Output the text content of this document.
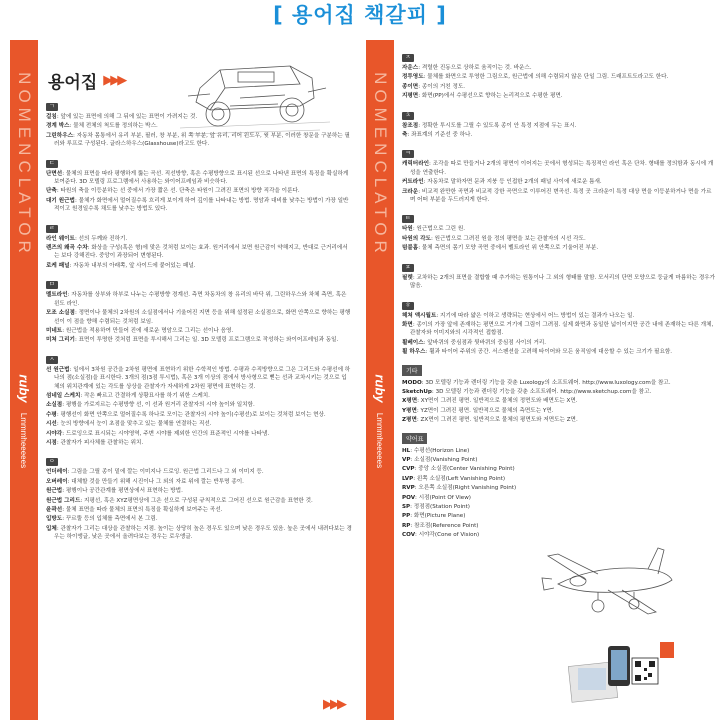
[ 용어집 책갈피 ]
NOMENCLATOR
ruby
Lmmmheeeees
용어집 ▶▶▶
ㄱ
걸침: 앞에 있는 표면에 의해 그 뒤에 있는 표면이 가려지는 것.
경계 박스: 물체 전체의 척도를 정의하는 박스.
그린하우스: 자동차 몸통에서 유리 부분, 필러, 창 부분, 위 쪽 부분, 앞 유리, 리어 윈도우, 윗 부분, 이러한 창문을 구분하는 필러와 루프로 구성된다. 글라스하우스(Glasshouse)라고도 한다.
ㄷ
단면선: 물체의 표면을 따라 평행하게 뚫는 곡선. 직선방향, 혹은 수평방향으로 표시된 선으로 나타낸 표면의 특징을 확실하게 보여준다. 3D 모델링 프로그램에서 사용하는 와이어프레임과 비슷하다.
단축: 타원의 축을 이등분하는 선 중에서 가장 짧은 선. 단축은 타원이 그려진 표면의 방향 직각을 이룬다.
대기 원근법: 물체가 화면에서 멀어질수록 흐리게 보이게 하여 깊이를 나타내는 방법. 명암과 대비를 낮추는 방법이 가장 일반적이고 원경일수록 채도를 낮추는 방법도 있다.
ㄹ
라인 웨이트: 선의 두께와 진하기.
렌즈의 왜곡 수차: 화상을 구성(혹은 형)에 맞은 것처럼 보이는 효과. 원거리에서 보면 원근감이 약해지고, 반대로 근거리에서는 보다 강해진다. 중앙이 과장되어 변형된다.
로케 패널: 자동차 내부의 아래쪽, 앞 사이드에 붙어있는 패널.
ㅁ
멜트라인: 자동차를 상부와 하부로 나누는 수평방향 경계선. 측면 차동차의 창 유리의 바닥 위, 그린하우스와 차체 측면, 혹은 윈도 라인.
모조 소실점: 정면이나 물체의 2차원의 소실점에서나 기울어진 지면 등을 위해 설정된 소실점으로, 화면 안쪽으로 향하는 평행선이 이 점을 향해 수렴되는 것처럼 보임.
미네트: 원근법을 적용하여 만들어 진에 새로운 명암으로 그리는 선이나 음영.
미쳐 그리기: 표면이 투명한 것처럼 표면을 투시해서 그리는 일. 3D 모델링 프로그램으로 작성하는 와이어프레임과 동일.
ㅅ
선 원근법: 일에서 3차원 공간을 2차원 평면에 표현하기 위한 수학적인 방법. 수평과 수직방향으로 그은 그리드와 수평선에 하나의 점(소실점)을 표시한다. 3개의 점(3점 투시법), 혹은 3개 이상의 점에서 방사형으로 뻗는 선과 교차시키는 것으로 입체의 위치관계에 있는 각도를 상상을 관찰자가 자세하게 2차원 평면에 표현하는 것.
섬네일 스케치: 작은 빠르고 간결하게 상황묘사를 하기 위한 스케치.
소실점: 평행을 가로지르는 수평방향 선, 이 선과 원거리 관찰자의 시야 높이와 일치함.
수평: 평행선이 화면 안쪽으로 멀어질수록 하나로 모이는 관찰자의 시야 높이(수평선)로 보이는 것처럼 보이는 현상.
시선: 눈의 방향에서 눈이 초점을 맞추고 있는 물체를 연결하는 직선.
시야각: 드로잉으로 표시되는 시야영역, 주변 시야를 제외한 인간의 표준적인 시야를 나타냄.
시점: 관찰자가 피사체를 관찰하는 위치.
ㅇ
언더레이: 그림을 그릴 종이 밑에 깔는 이미지나 드로잉. 원근법 그리드나 그 외 이미지 등.
오버레이: 대체할 것을 만들기 위해 시진이나 그 외의 자료 위에 깔는 반투명 종이.
원근법: 평행이나 공간관계를 평면상에서 표현하는 방법.
원근법 그리드: 지평선, 혹은 XYZ평면상에 그은 선으로 구성된 규칙적으로 그어진 선으로 원근감을 표현한 것.
윤곽선: 물체 표면을 따라 물체의 표면의 특징을 확실하게 보여주는 곡선.
입방도: 꾸르뚤 등의 입체를 측면에서 본 그림.
입체: 관찰자가 그리는 대상을 관찰하는 지점. 높이는 상당히 높은 경우도 있으며 낮은 경우도 있음. 높은 곳에서 내려다보는 경우는 하이앵글, 낮은 곳에서 올려다보는 경우는 로우앵글.
▶▶▶
NOMENCLATOR
ruby
Lmmmheeeees
ㅈ
자운스: 격렬한 진동으로 상하로 움직이는 것. 바운스.
정투영도: 물체를 화면으로 투영한 그림으로, 원근법에 의해 수렴되지 않은 단일 그림. 드래프트도라고도 한다.
종이면: 종이의 거친 정도.
지평면: 화면(PP)에서 수평선으로 향하는 논리적으로 수평한 평면.
ㅊ
참조점: 정확한 투시도를 그릴 수 있도록 종이 안 특정 지점에 두는 표시.
축: 좌표계의 기준선 중 하나.
ㅋ
캐릭터라인: 조각을 따로 만들거나 2개의 평면이 이어지는 곳에서 형성되는 특징적인 라인 혹은 단차. 형태를 정의함과 동시에 개성을 연출한다.
커트라인: 자동차로 말하자면 문과 지붕 등 인접한 2개의 패널 사이에 새로운 틈새.
크라운: 비교적 완만한 곡면과 비교적 강한 곡면으로 이루어진 변곡선. 특정 곳 크라운이 특정 대상 면을 이등분하거나 면을 가르며 어떠 부분을 두드러지게 한다.
ㅌ
타원: 원근법으로 그린 원.
타원의 각도: 원근법으로 그려진 원을 정의 평면을 보는 관찰자의 시선 각도.
텀블홈: 물체 측면의 몸기 모양 곡면 중에서 벨트라인 위 안쪽으로 기울어진 부분.
ㅍ
필렛: 교차하는 2개의 표면을 결합할 때 추가하는 원통이나 그 외의 형태를 말함. 모서리의 단면 모양으로 둥글게 마름하는 경우가 많음.
ㅎ
헤쳐 액시월트: 지기에 따라 얇은 이하고 생략되는 현상에서 어느 방법이 있는 결과가 나오는 일.
화면: 종이의 가장 앞에 존재하는 평면으로 거기에 그림이 그려짐. 실제 화면과 동일한 넓이이지만 공간 내에 존재하는 다른 개체, 관찰자와 이미지와의 시각적인 접합점.
휠베이스: 앞바퀴의 중심점과 뒷바퀴의 중심점 사이의 거리.
휠 하우스: 휠과 타이어 주위의 공간. 서스펜션을 고려해 타이어와 모든 움직임에 대응할 수 있는 크기가 필요함.
기타
MODO: 3D 모델링 기능과 렌더링 기능을 갖춘 Luxology의 소프트웨어. http://www.luxology.com을 참고.
SketchUp: 3D 모델링 기능과 렌더링 기능을 갖춘 소프트웨어. http://www.sketchup.com을 참고.
X평면: XY면이 그려진 평면. 일반적으로 물체의 정면도와 배면도는 X면.
Y평면: YZ면이 그려진 평면. 일반적으로 물체의 측면도는 Y면.
Z평면: ZX면이 그려진 평면. 일반적으로 물체의 평면도와 저면도는 Z면.
약어표
HL: 수평선(Horizon Line)
VP: 소실점(Vanishing Point)
CVP: 중앙 소실점(Center Vanishing Point)
LVP: 왼쪽 소실점(Left Vanishing Point)
RVP: 오른쪽 소실점(Right Vanishing Point)
POV: 시점(Point Of View)
SP: 정점점(Station Point)
PP: 화면(Picture Plane)
RP: 참조점(Reference Point)
COV: 시야각(Cone of Vision)
